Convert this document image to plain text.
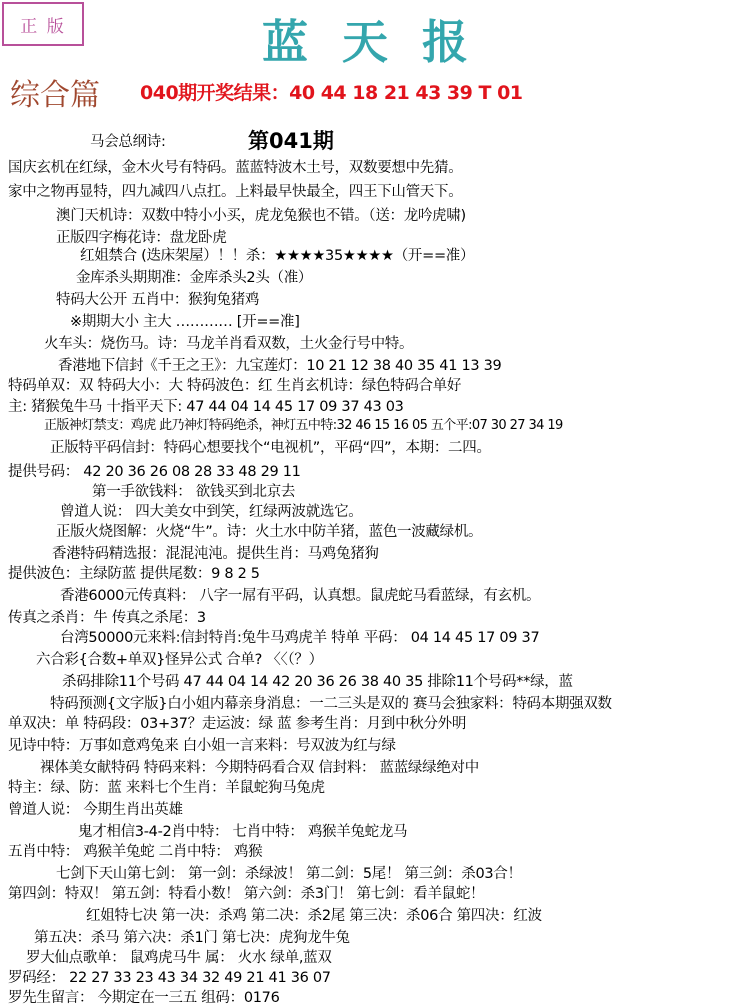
正 版	蓝天报
综合篇 040期开奖结果：40 44 18 21 43 39 T 01
第041期
马会总纲诗:
国庆玄机在红绿，金木火号有特码。蓝蓝特波木土号，双数要想中先猜。
家中之物再显特，四九减四八点扛。上料最早快最全，四王下山管天下。
澳门天机诗：双数中特小小买，虎龙兔猴也不错。（送：龙吟虎啸)
正版四字梅花诗：盘龙卧虎
红姐禁合 (迭床架屋）！！杀：★★★★35★★★★（开==准）
金库杀头期期准：金库杀头2头（准）
特码大公开 五肖中：猴狗兔猪鸡
※期期大小 主大 ………… [开==准]
火车头：烧伤马。诗：马龙羊肖看双数，土火金行号中特。
香港地下信封《千王之王》：九宝莲灯：10 21 12 38 40 35 41 13 39
特码单双：双 特码大小：大 特码波色：红 生肖玄机诗：绿色特码合单好
主: 猪猴兔牛马 十指平天下: 47 44 04 14 45 17 09 37 43 03
正版神灯禁支：鸡虎 此乃神灯特码绝杀，神灯五中特:32 46 15 16 05 五个平:07 30 27 34 19
正版特平码信封：特码心想要找个“电视机”，平码“四”，本期：二四。
提供号码： 42 20 36 26 08 28 33 48 29 11
第一手欲钱料： 欲钱买到北京去
曾道人说： 四大美女中到笑，红绿两波就选它。
正版火烧图解：火烧“牛”。诗：火土水中防羊猪，蓝色一波藏绿机。
香港特码精选报：混混沌沌。提供生肖：马鸡兔猪狗
提供波色：主绿防蓝 提供尾数：9 8 2 5
香港6000元传真料： 八字一屌有平码，认真想。鼠虎蛇马看蓝绿，有玄机。
传真之杀肖：牛 传真之杀尾：3
台湾50000元来料:信封特肖:兔牛马鸡虎羊 特单 平码： 04 14 45 17 09 37
六合彩{合数+单双}怪异公式 合单? 〈〈（？）
杀码排除11个号码 47 44 04 14 42 20 36 26 38 40 35 排除11个号码**绿，蓝
特码预测{文字版}白小姐内幕亲身消息：一二三头是双的 赛马会独家料：特码本期强双数
单双决：单 特码段：03+37？走运波：绿 蓝 参考生肖：月到中秋分外明
见诗中特：万事如意鸡兔来 白小姐一言来料：号双波为红与绿
裸体美女献特码 特码来料：今期特码看合双 信封料： 蓝蓝绿绿绝对中
特主：绿、防：蓝 来料七个生肖：羊鼠蛇狗马兔虎
曾道人说： 今期生肖出英雄
鬼才相信3-4-2肖中特： 七肖中特： 鸡猴羊兔蛇龙马
五肖中特： 鸡猴羊兔蛇 二肖中特： 鸡猴
七剑下天山第七剑： 第一剑：杀绿波！ 第二剑：5尾！ 第三剑：杀03合！
第四剑：特双！ 第五剑：特看小数！ 第六剑：杀3门！ 第七剑：看羊鼠蛇！
红姐特七决 第一决：杀鸡 第二决：杀2尾 第三决：杀06合 第四决：红波
第五决：杀马 第六决：杀1门 第七决：虎狗龙牛兔
罗大仙点歌单： 鼠鸡虎马牛 属： 火水 绿单,蓝双
罗码经： 22 27 33 23 43 34 32 49 21 41 36 07
罗先生留言： 今期定在一三五 组码：0176
